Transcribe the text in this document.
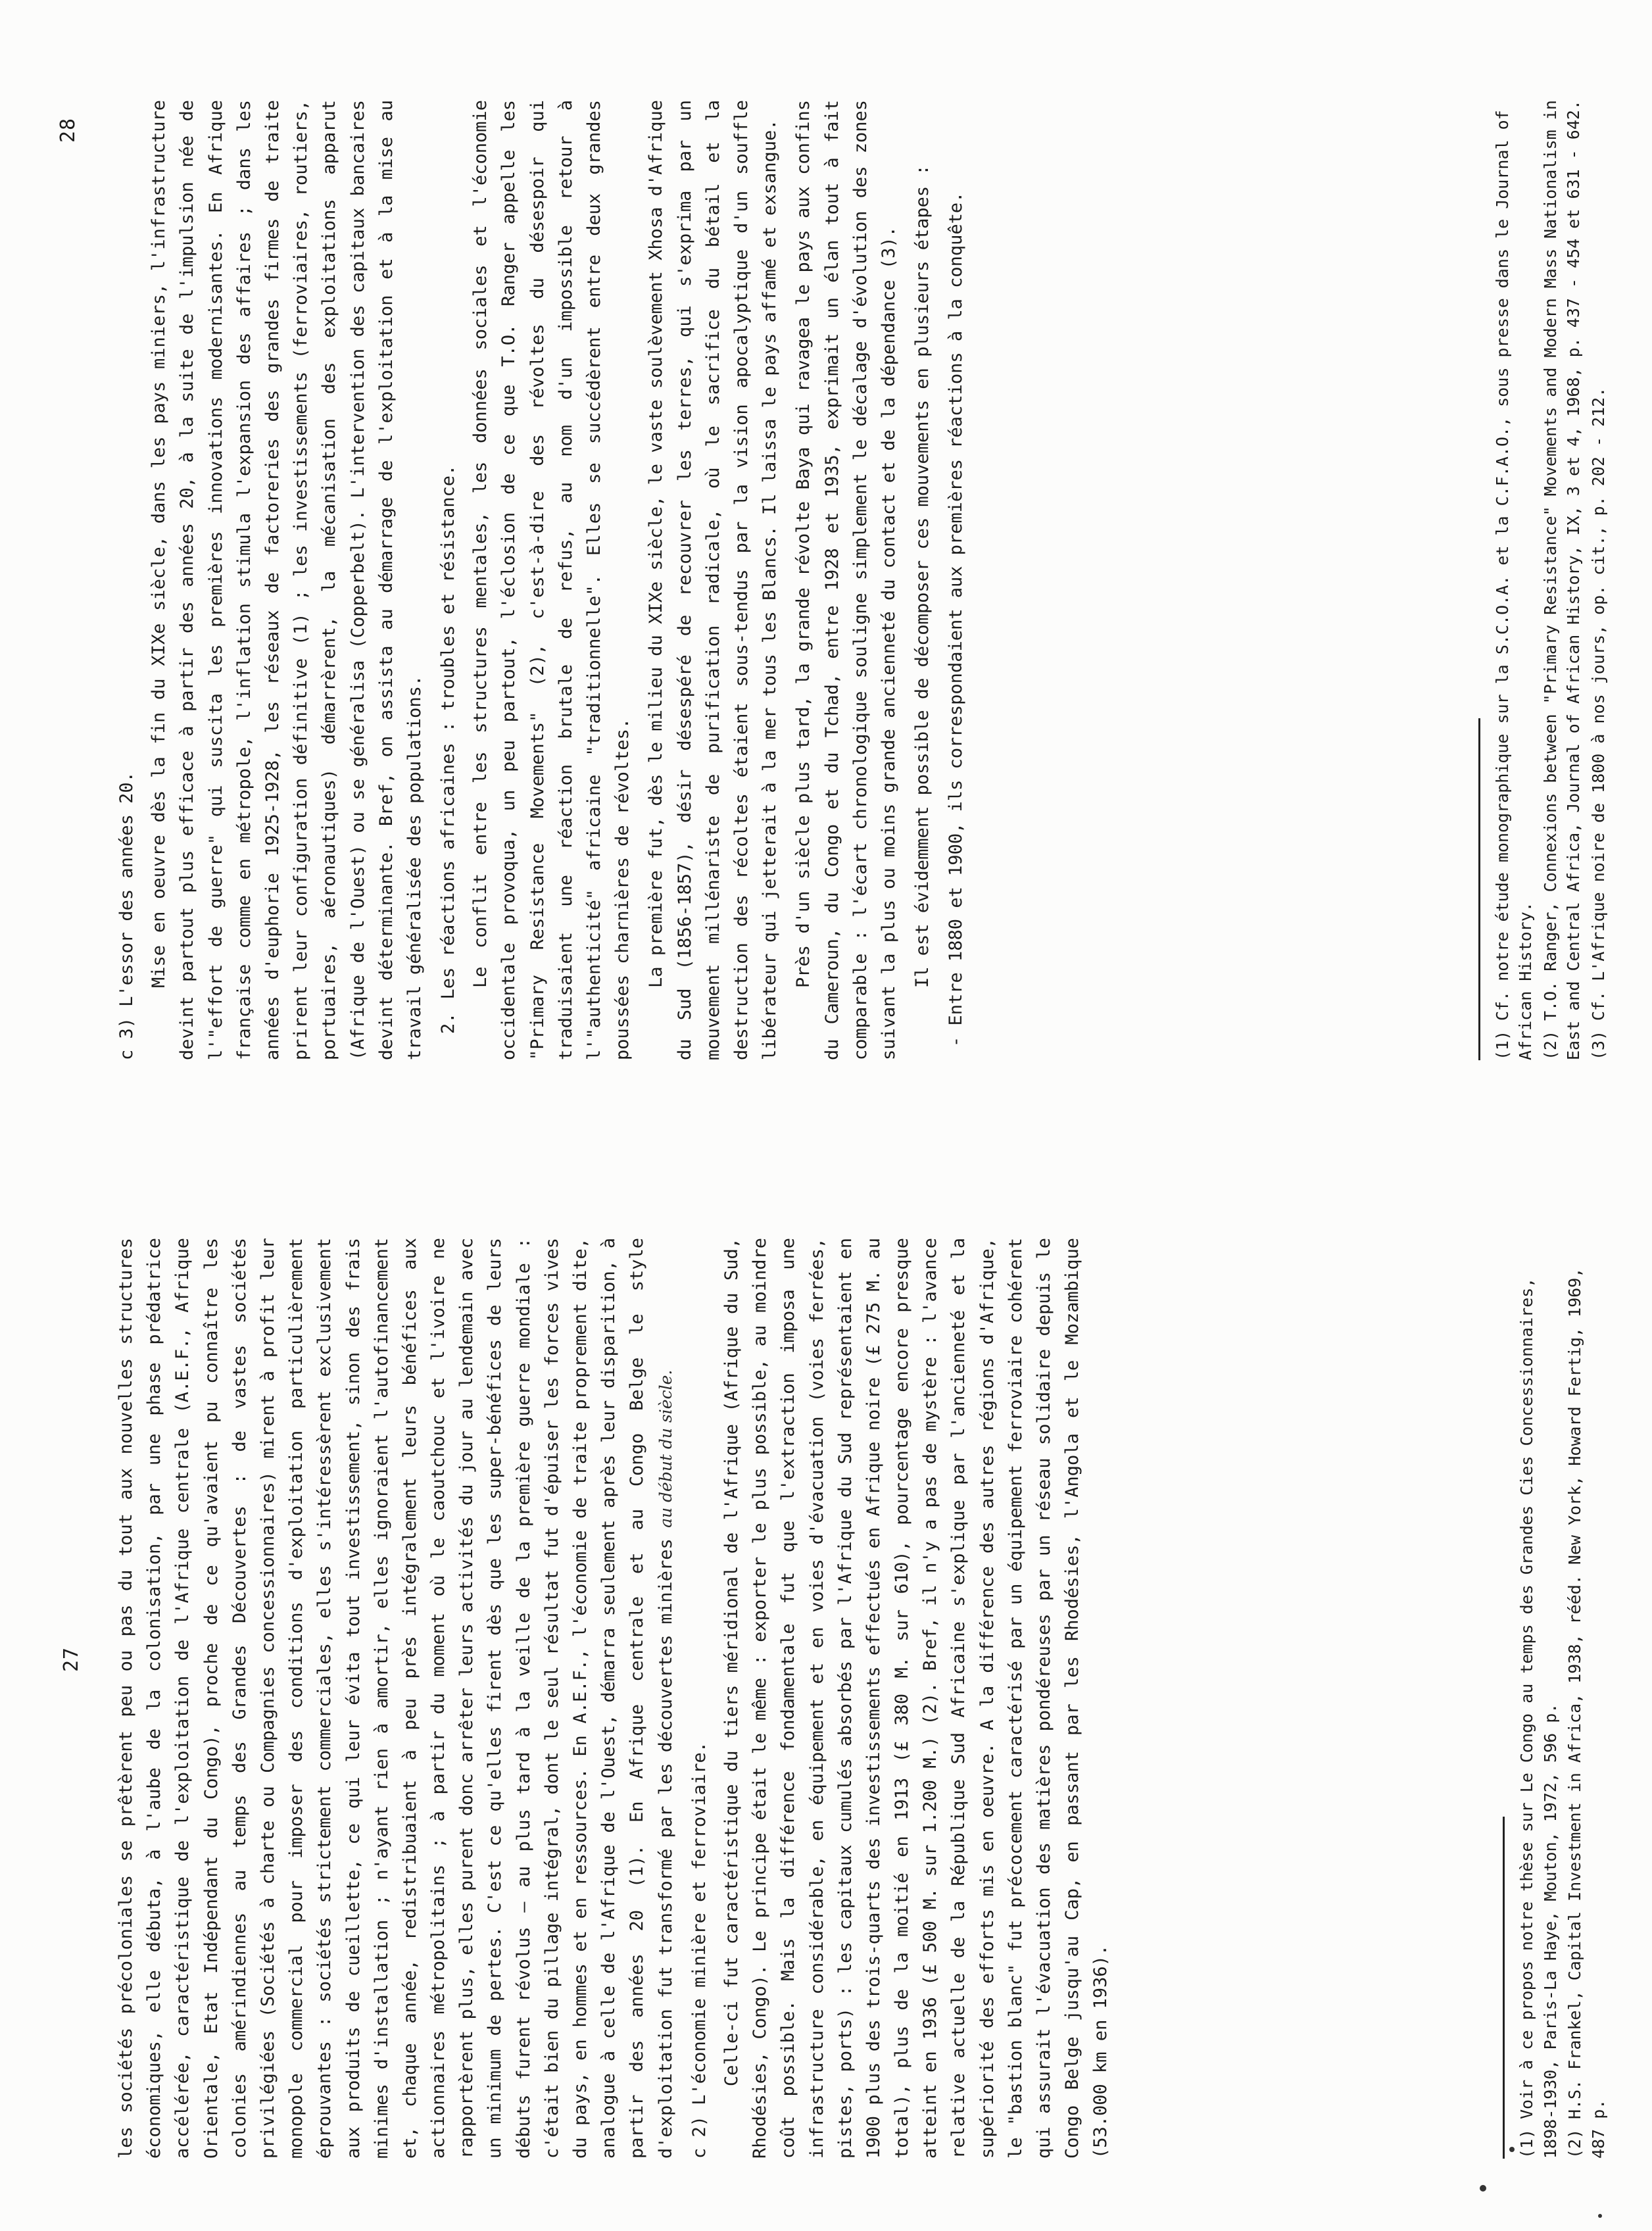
27 les sociétés précoloniales se prêtèrent peu ou pas du tout aux nouvelles structures économiques, elle débuta, à l'aube de la colonisation, par une phase prédatrice accélérée, caractéristique de l'exploitation de l'Afrique centrale (A.E.F., Afrique Orientale, Etat Indépendant du Congo), proche de ce qu'avaient pu connaître les colonies amérindiennes au temps des Grandes Découvertes : de vastes sociétés privilégiées (Sociétés à charte ou Compagnies concessionnaires) mirent à profit leur monopole commercial pour imposer des conditions d'exploitation particulièrement éprouvantes : sociétés strictement commerciales, elles s'intéressèrent exclusivement aux produits de cueillette, ce qui leur évita tout investissement, sinon des frais minimes d'installation ; n'ayant rien à amortir, elles ignoraient l'autofinancement et, chaque année, redistribuaient à peu près intégralement leurs bénéfices aux actionnaires métropolitains ; à partir du moment où le caoutchouc et l'ivoire ne rapportèrent plus, elles purent donc arrêter leurs activités du jour au lendemain avec un minimum de pertes. C'est ce qu'elles firent dès que les super-bénéfices de leurs débuts furent révolus – au plus tard à la veille de la première guerre mondiale : c'était bien du pillage intégral, dont le seul résultat fut d'épuiser les forces vives du pays, en hommes et en ressources. En A.E.F., l'économie de traite proprement dite, analogue à celle de l'Afrique de l'Ouest, démarra seulement après leur disparition, à partir des années 20 (1). En Afrique centrale et au Congo Belge le style d'exploitation fut transformé par les découvertes minières au début du siècle.

c 2) L'économie minière et ferroviaire. Celle-ci fut caractéristique du tiers méridional de l'Afrique (Afrique du Sud, Rhodésies, Congo). Le principe était le même : exporter le plus possible, au moindre coût possible. Mais la différence fondamentale fut que l'extraction imposa une infrastructure considérable, en équipement et en voies d'évacuation (voies ferrées, pistes, ports) : les capitaux cumulés absorbés par l'Afrique du Sud représentaient en 1900 plus des trois-quarts des investissements effectués en Afrique noire (£ 275 M. au total), plus de la moitié en 1913 (£ 380 M. sur 610), pourcentage encore presque atteint en 1936 (£ 500 M. sur 1.200 M.) (2). Bref, il n'y a pas de mystère : l'avance relative actuelle de la République Sud Africaine s'explique par l'ancienneté et la supériorité des efforts mis en oeuvre. A la différence des autres régions d'Afrique, le "bastion blanc" fut précocement caractérisé par un équipement ferroviaire cohérent qui assurait l'évacuation des matières pondéreuses par un réseau solidaire depuis le Congo Belge jusqu'au Cap, en passant par les Rhodésies, l'Angola et le Mozambique (53.000 km en 1936).	(1)Voir à ce propos notre thèse sur Le Congo au temps des Grandes Cies Concessionnaires, 1898-1930, Paris-La Haye, Mouton, 1972, 596 p. (2)H.S. Frankel, Capital Investment in Africa, 1938, rééd. New York, Howard Fertig, 1969, 487 p.

28

c 3) L'essor des années 20. Mise en oeuvre dès la fin du XIXe siècle, dans les pays miniers, l'infrastructure devint partout plus efficace à partir des années 20, à la suite de l'impulsion née de l'"effort de guerre" qui suscita les premières innovations modernisantes. En Afrique française comme en métropole, l'inflation stimula l'expansion des affaires ; dans les années d'euphorie 1925-1928, les réseaux de factoreries des grandes firmes de traite prirent leur configuration définitive (1) ; les investissements (ferroviaires, routiers, portuaires, aéronautiques) démarrèrent, la mécanisation des exploitations apparut (Afrique de l'Ouest) ou se généralisa (Copperbelt). L'intervention des capitaux bancaires devint déterminante. Bref, on assista au démarrage de l'exploitation et à la mise au travail généralisée des populations. 2.Les réactions africaines : troubles et résistance. Le conflit entre les structures mentales, les données sociales et l'économie occidentale provoqua, un peu partout, l'éclosion de ce que T.O. Ranger appelle les "Primary Resistance Movements" (2), c'est-à-dire des révoltes du désespoir qui traduisaient une réaction brutale de refus, au nom d'un impossible retour à l'"authenticité" africaine "traditionnelle". Elles se succédèrent entre deux grandes poussées charnières de révoltes. La première fut, dès le milieu du XIXe siècle, le vaste soulèvement Xhosa d'Afrique du Sud (1856-1857), désir désespéré de recouvrer les terres, qui s'exprima par un mouvement millénariste de purification radicale, où le sacrifice du bétail et la destruction des récoltes étaient sous-tendus par la vision apocalyptique d'un souffle libérateur qui jetterait à la mer tous les Blancs. Il laissa le pays affamé et exsangue. Près d'un siècle plus tard, la grande révolte Baya qui ravagea le pays aux confins du Cameroun, du Congo et du Tchad, entre 1928 et 1935, exprimait un élan tout à fait comparable : l'écart chronologique souligne simplement le décalage d'évolution des zones suivant la plus ou moins grande ancienneté du contact et de la dépendance (3). Il est évidemment possible de décomposer ces mouvements en plusieurs étapes : - Entre 1880 et 1900, ils correspondaient aux premières réactions à la conquête.	(1)Cf. notre étude monographique sur la S.C.O.A. et la C.F.A.O., sous presse dans le Journal of African History. (2)T.O. Ranger, Connexions between "Primary Resistance" Movements and Modern Mass Nationalism in East and Central Africa, Journal of African History, IX, 3 et 4, 1968, p. 437 - 454 et 631 - 642. (3)Cf. L'Afrique noire de 1800 à nos jours, op. cit., p. 202 - 212.
